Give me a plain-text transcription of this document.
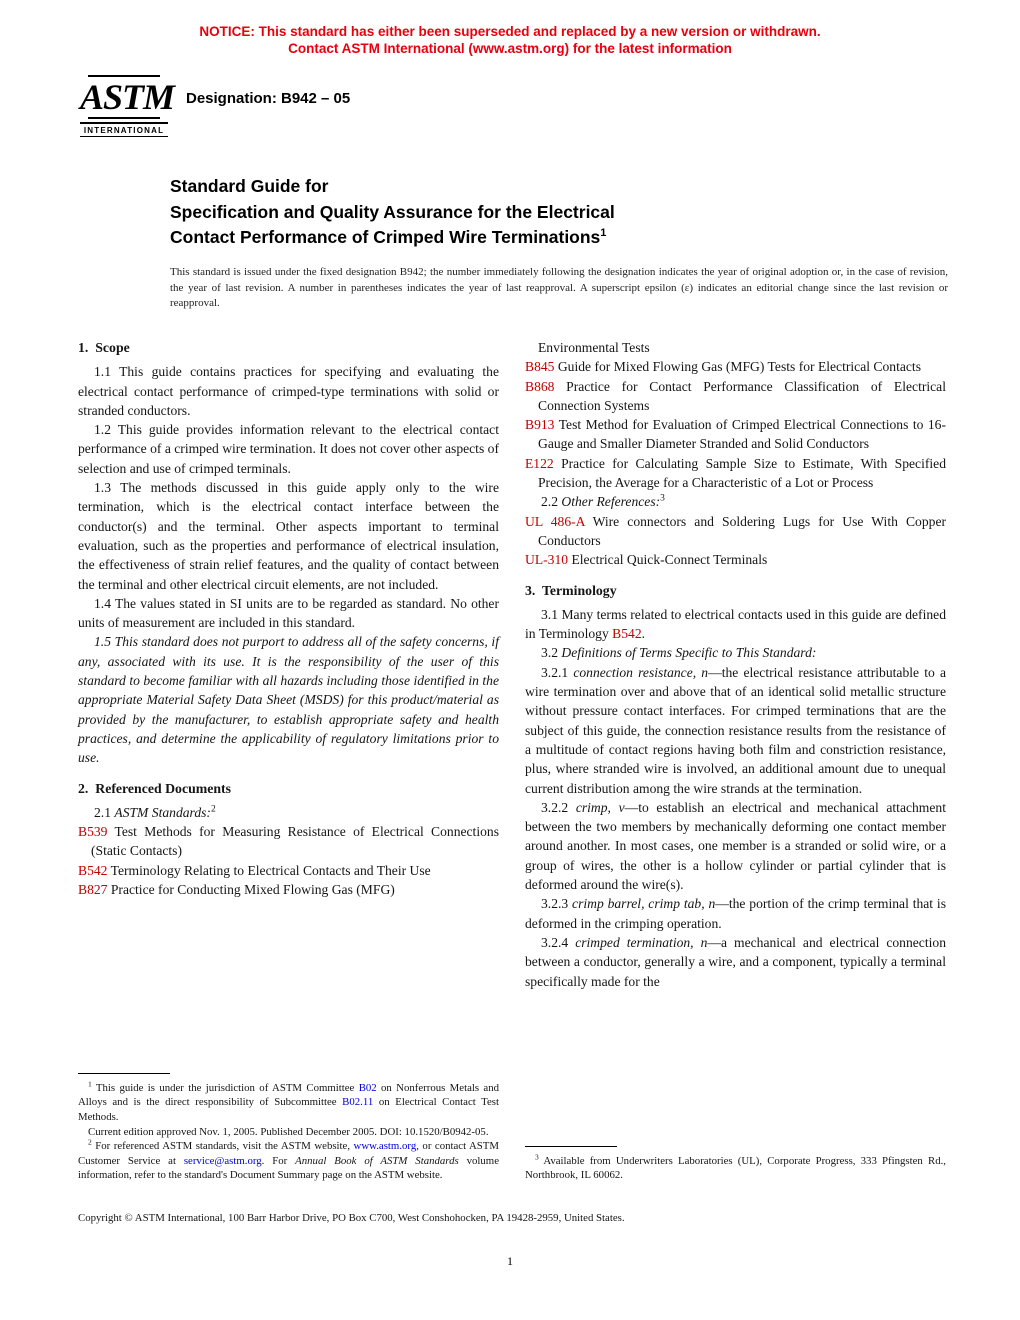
NOTICE: This standard has either been superseded and replaced by a new version or withdrawn.
Contact ASTM International (www.astm.org) for the latest information
ASTM
INTERNATIONAL
Designation: B942 – 05
Standard Guide for
Specification and Quality Assurance for the Electrical
Contact Performance of Crimped Wire Terminations$^1$

This standard is issued under the fixed designation B942; the number immediately following the designation indicates the year of original adoption or, in the case of revision, the year of last revision. A number in parentheses indicates the year of last reapproval. A superscript epsilon (ε) indicates an editorial change since the last revision or reapproval.

1.  Scope

1.1 This guide contains practices for specifying and evaluating the electrical contact performance of crimped-type terminations with solid or stranded conductors.

1.2 This guide provides information relevant to the electrical contact performance of a crimped wire termination. It does not cover other aspects of selection and use of crimped terminals.

1.3 The methods discussed in this guide apply only to the wire termination, which is the electrical contact interface between the conductor(s) and the terminal. Other aspects important to terminal evaluation, such as the properties and performance of electrical insulation, the effectiveness of strain relief features, and the quality of contact between the terminal and other electrical circuit elements, are not included.

1.4 The values stated in SI units are to be regarded as standard. No other units of measurement are included in this standard.

1.5 This standard does not purport to address all of the safety concerns, if any, associated with its use. It is the responsibility of the user of this standard to become familiar with all hazards including those identified in the appropriate Material Safety Data Sheet (MSDS) for this product/material as provided by the manufacturer, to establish appropriate safety and health practices, and determine the applicability of regulatory limitations prior to use.

2.  Referenced Documents

2.1 ASTM Standards:$^2$

B539 Test Methods for Measuring Resistance of Electrical Connections (Static Contacts)
B542 Terminology Relating to Electrical Contacts and Their Use
B827 Practice for Conducting Mixed Flowing Gas (MFG)

$^1$ This guide is under the jurisdiction of ASTM Committee B02 on Nonferrous Metals and Alloys and is the direct responsibility of Subcommittee B02.11 on Electrical Contact Test Methods.

Current edition approved Nov. 1, 2005. Published December 2005. DOI: 10.1520/B0942-05.

$^2$ For referenced ASTM standards, visit the ASTM website, www.astm.org, or contact ASTM Customer Service at service@astm.org. For Annual Book of ASTM Standards volume information, refer to the standard's Document Summary page on the ASTM website.

Environmental Tests
B845 Guide for Mixed Flowing Gas (MFG) Tests for Electrical Contacts
B868 Practice for Contact Performance Classification of Electrical Connection Systems
B913 Test Method for Evaluation of Crimped Electrical Connections to 16-Gauge and Smaller Diameter Stranded and Solid Conductors
E122 Practice for Calculating Sample Size to Estimate, With Specified Precision, the Average for a Characteristic of a Lot or Process

2.2 Other References:$^3$

UL 486-A Wire connectors and Soldering Lugs for Use With Copper Conductors
UL-310 Electrical Quick-Connect Terminals
3.  Terminology

3.1 Many terms related to electrical contacts used in this guide are defined in Terminology B542.

3.2 Definitions of Terms Specific to This Standard:

3.2.1 connection resistance, n—the electrical resistance attributable to a wire termination over and above that of an identical solid metallic structure without pressure contact interfaces. For crimped terminations that are the subject of this guide, the connection resistance results from the resistance of a multitude of contact regions having both film and constriction resistance, plus, where stranded wire is involved, an additional amount due to unequal current distribution among the wire strands at the termination.

3.2.2 crimp, v—to establish an electrical and mechanical attachment between the two members by mechanically deforming one contact member around another. In most cases, one member is a stranded or solid wire, or a group of wires, the other is a hollow cylinder or partial cylinder that is deformed around the wire(s).

3.2.3 crimp barrel, crimp tab, n—the portion of the crimp terminal that is deformed in the crimping operation.

3.2.4 crimped termination, n—a mechanical and electrical connection between a conductor, generally a wire, and a component, typically a terminal specifically made for the

$^3$ Available from Underwriters Laboratories (UL), Corporate Progress, 333 Pfingsten Rd., Northbrook, IL 60062.

Copyright © ASTM International, 100 Barr Harbor Drive, PO Box C700, West Conshohocken, PA 19428-2959, United States.
1
